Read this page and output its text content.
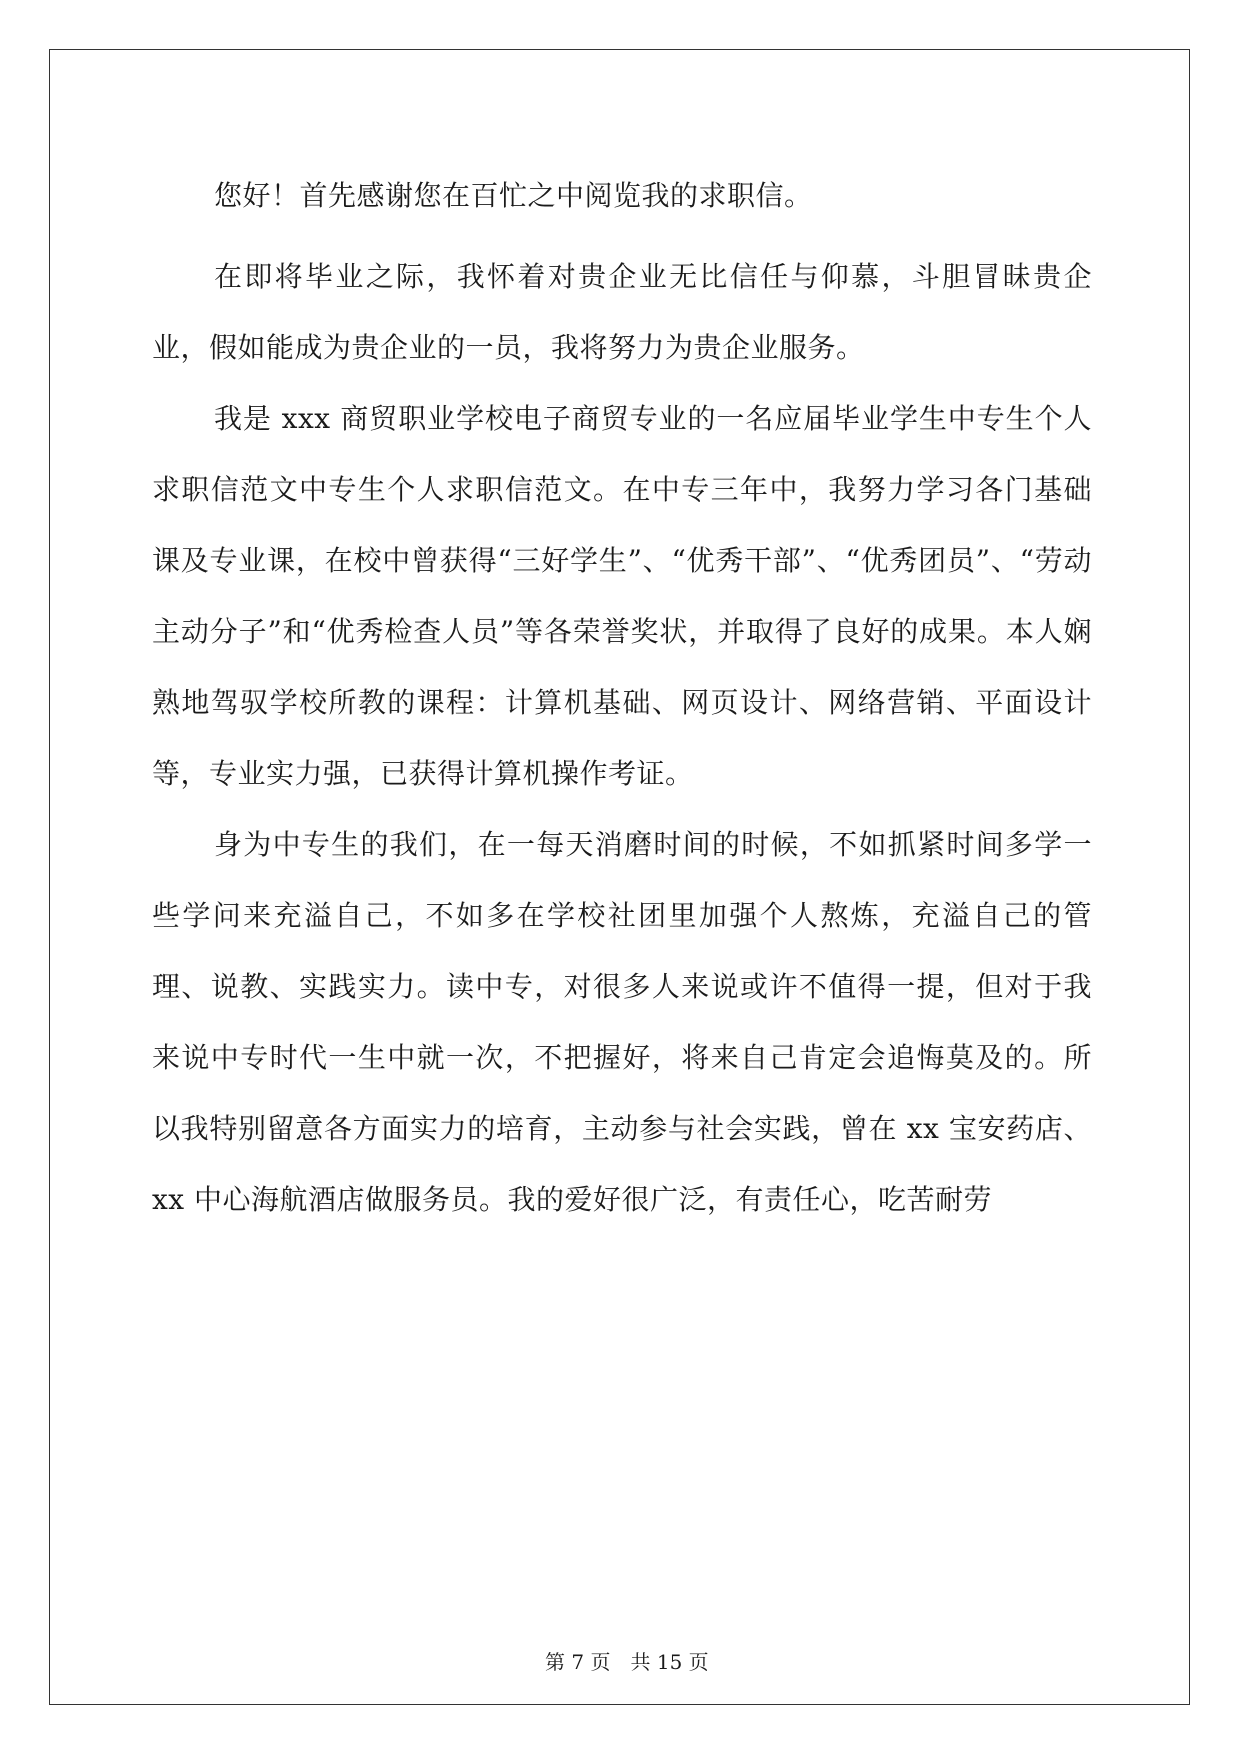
您好！首先感谢您在百忙之中阅览我的求职信。

在即将毕业之际，我怀着对贵企业无比信任与仰慕，斗胆冒昧贵企业，假如能成为贵企业的一员，我将努力为贵企业服务。

我是 xxx 商贸职业学校电子商贸专业的一名应届毕业学生中专生个人求职信范文中专生个人求职信范文。在中专三年中，我努力学习各门基础课及专业课，在校中曾获得“三好学生”、“优秀干部”、“优秀团员”、“劳动主动分子”和“优秀检查人员”等各荣誉奖状，并取得了良好的成果。本人娴熟地驾驭学校所教的课程：计算机基础、网页设计、网络营销、平面设计等，专业实力强，已获得计算机操作考证。

身为中专生的我们，在一每天消磨时间的时候，不如抓紧时间多学一些学问来充溢自己，不如多在学校社团里加强个人熬炼，充溢自己的管理、说教、实践实力。读中专，对很多人来说或许不值得一提，但对于我来说中专时代一生中就一次，不把握好，将来自己肯定会追悔莫及的。所以我特别留意各方面实力的培育，主动参与社会实践，曾在 xx 宝安药店、xx 中心海航酒店做服务员。我的爱好很广泛，有责任心，吃苦耐劳

第 7 页　共 15 页
